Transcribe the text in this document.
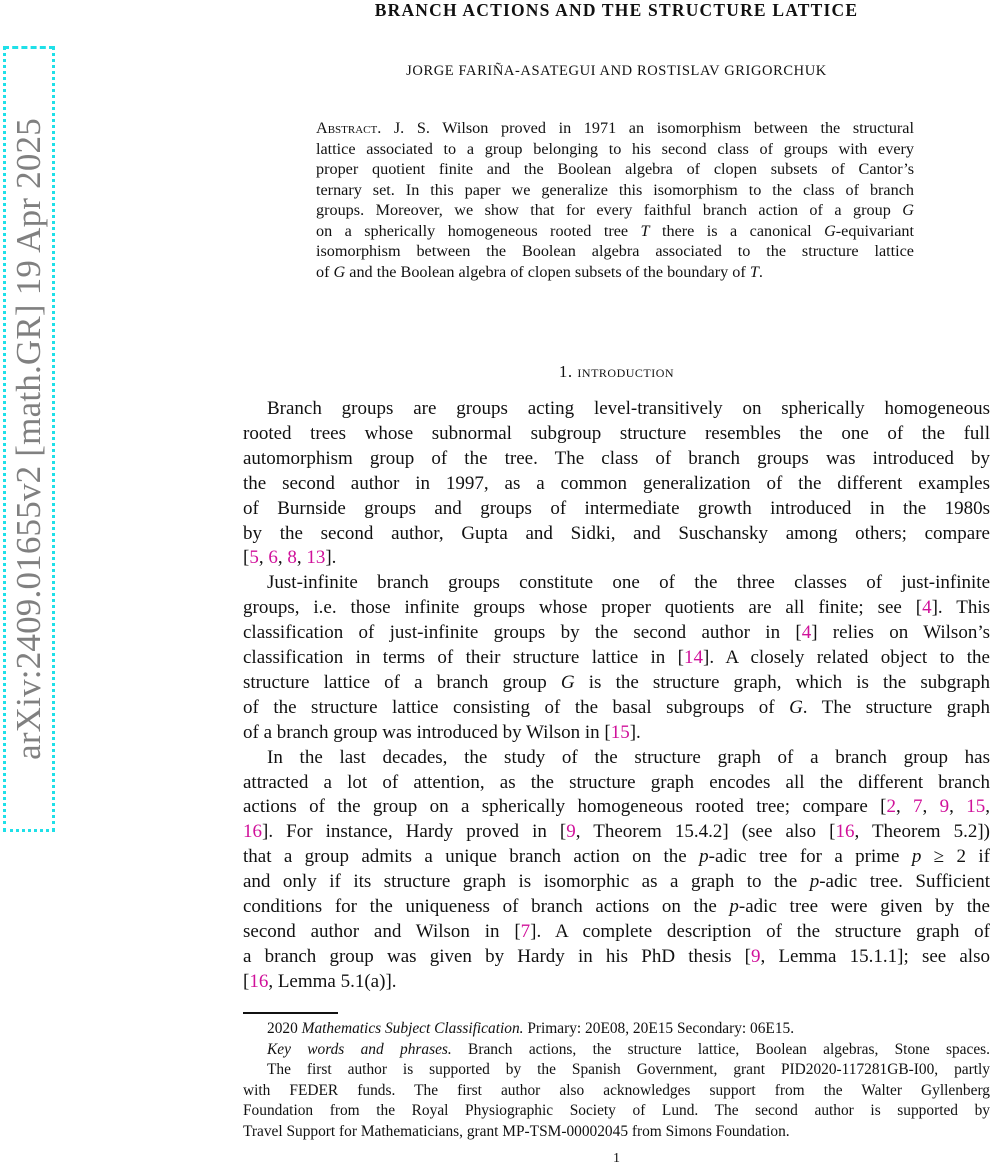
arXiv:2409.01655v2 [math.GR] 19 Apr 2025
BRANCH ACTIONS AND THE STRUCTURE LATTICE
JORGE FARIÑA-ASATEGUI AND ROSTISLAV GRIGORCHUK
Abstract. J. S. Wilson proved in 1971 an isomorphism between the structural
lattice associated to a group belonging to his second class of groups with every
proper quotient finite and the Boolean algebra of clopen subsets of Cantor’s
ternary set. In this paper we generalize this isomorphism to the class of branch
groups. Moreover, we show that for every faithful branch action of a group G
on a spherically homogeneous rooted tree T there is a canonical G-equivariant
isomorphism between the Boolean algebra associated to the structure lattice
of G and the Boolean algebra of clopen subsets of the boundary of T.
1. introduction
Branch groups are groups acting level-transitively on spherically homogeneous
rooted trees whose subnormal subgroup structure resembles the one of the full
automorphism group of the tree. The class of branch groups was introduced by
the second author in 1997, as a common generalization of the different examples
of Burnside groups and groups of intermediate growth introduced in the 1980s
by the second author, Gupta and Sidki, and Suschansky among others; compare
[5, 6, 8, 13].
Just-infinite branch groups constitute one of the three classes of just-infinite
groups, i.e. those infinite groups whose proper quotients are all finite; see [4]. This
classification of just-infinite groups by the second author in [4] relies on Wilson’s
classification in terms of their structure lattice in [14]. A closely related object to the
structure lattice of a branch group G is the structure graph, which is the subgraph
of the structure lattice consisting of the basal subgroups of G. The structure graph
of a branch group was introduced by Wilson in [15].
In the last decades, the study of the structure graph of a branch group has
attracted a lot of attention, as the structure graph encodes all the different branch
actions of the group on a spherically homogeneous rooted tree; compare [2, 7, 9, 15,
16]. For instance, Hardy proved in [9, Theorem 15.4.2] (see also [16, Theorem 5.2])
that a group admits a unique branch action on the p-adic tree for a prime p ≥ 2 if
and only if its structure graph is isomorphic as a graph to the p-adic tree. Sufficient
conditions for the uniqueness of branch actions on the p-adic tree were given by the
second author and Wilson in [7]. A complete description of the structure graph of
a branch group was given by Hardy in his PhD thesis [9, Lemma 15.1.1]; see also
[16, Lemma 5.1(a)].
2020 Mathematics Subject Classification. Primary: 20E08, 20E15 Secondary: 06E15.
Key words and phrases. Branch actions, the structure lattice, Boolean algebras, Stone spaces.
The first author is supported by the Spanish Government, grant PID2020-117281GB-I00, partly
with FEDER funds. The first author also acknowledges support from the Walter Gyllenberg
Foundation from the Royal Physiographic Society of Lund. The second author is supported by
Travel Support for Mathematicians, grant MP-TSM-00002045 from Simons Foundation.
1
